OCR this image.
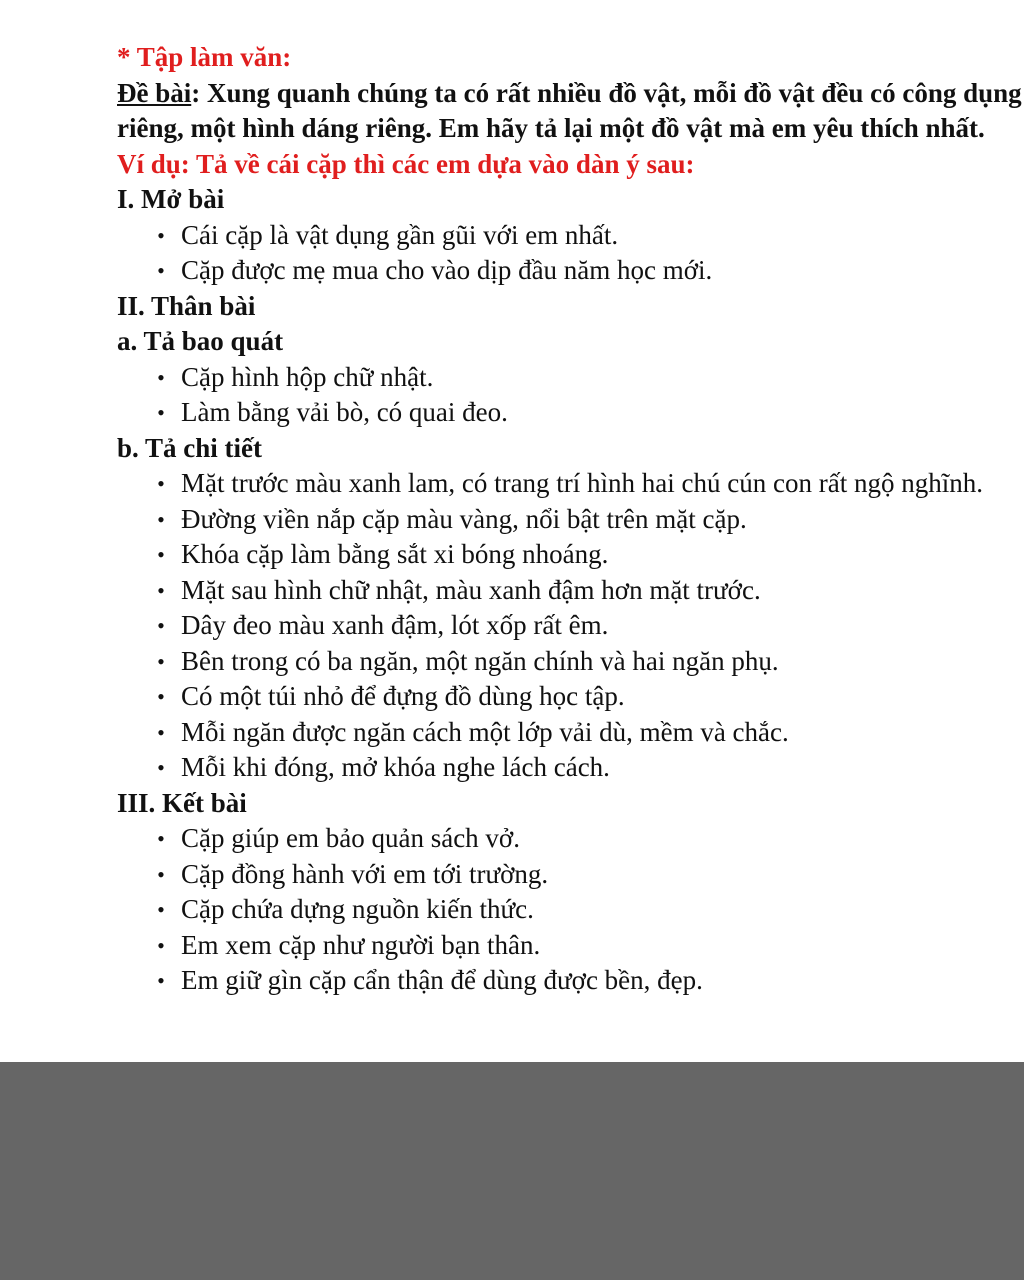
* Tập làm văn:
Đề bài: Xung quanh chúng ta có rất nhiều đồ vật, mỗi đồ vật đều có công dụng
riêng, một hình dáng riêng. Em hãy tả lại một đồ vật mà em yêu thích nhất.
Ví dụ: Tả về cái cặp thì các em dựa vào dàn ý sau:
I. Mở bài
• Cái cặp là vật dụng gần gũi với em nhất.
• Cặp được mẹ mua cho vào dịp đầu năm học mới.
II. Thân bài
a. Tả bao quát
• Cặp hình hộp chữ nhật.
• Làm bằng vải bò, có quai đeo.
b. Tả chi tiết
• Mặt trước màu xanh lam, có trang trí hình hai chú cún con rất ngộ nghĩnh.
• Đường viền nắp cặp màu vàng, nổi bật trên mặt cặp.
• Khóa cặp làm bằng sắt xi bóng nhoáng.
• Mặt sau hình chữ nhật, màu xanh đậm hơn mặt trước.
• Dây đeo màu xanh đậm, lót xốp rất êm.
• Bên trong có ba ngăn, một ngăn chính và hai ngăn phụ.
• Có một túi nhỏ để đựng đồ dùng học tập.
• Mỗi ngăn được ngăn cách một lớp vải dù, mềm và chắc.
• Mỗi khi đóng, mở khóa nghe lách cách.
III. Kết bài
• Cặp giúp em bảo quản sách vở.
• Cặp đồng hành với em tới trường.
• Cặp chứa dựng nguồn kiến thức.
• Em xem cặp như người bạn thân.
• Em giữ gìn cặp cẩn thận để dùng được bền, đẹp.
